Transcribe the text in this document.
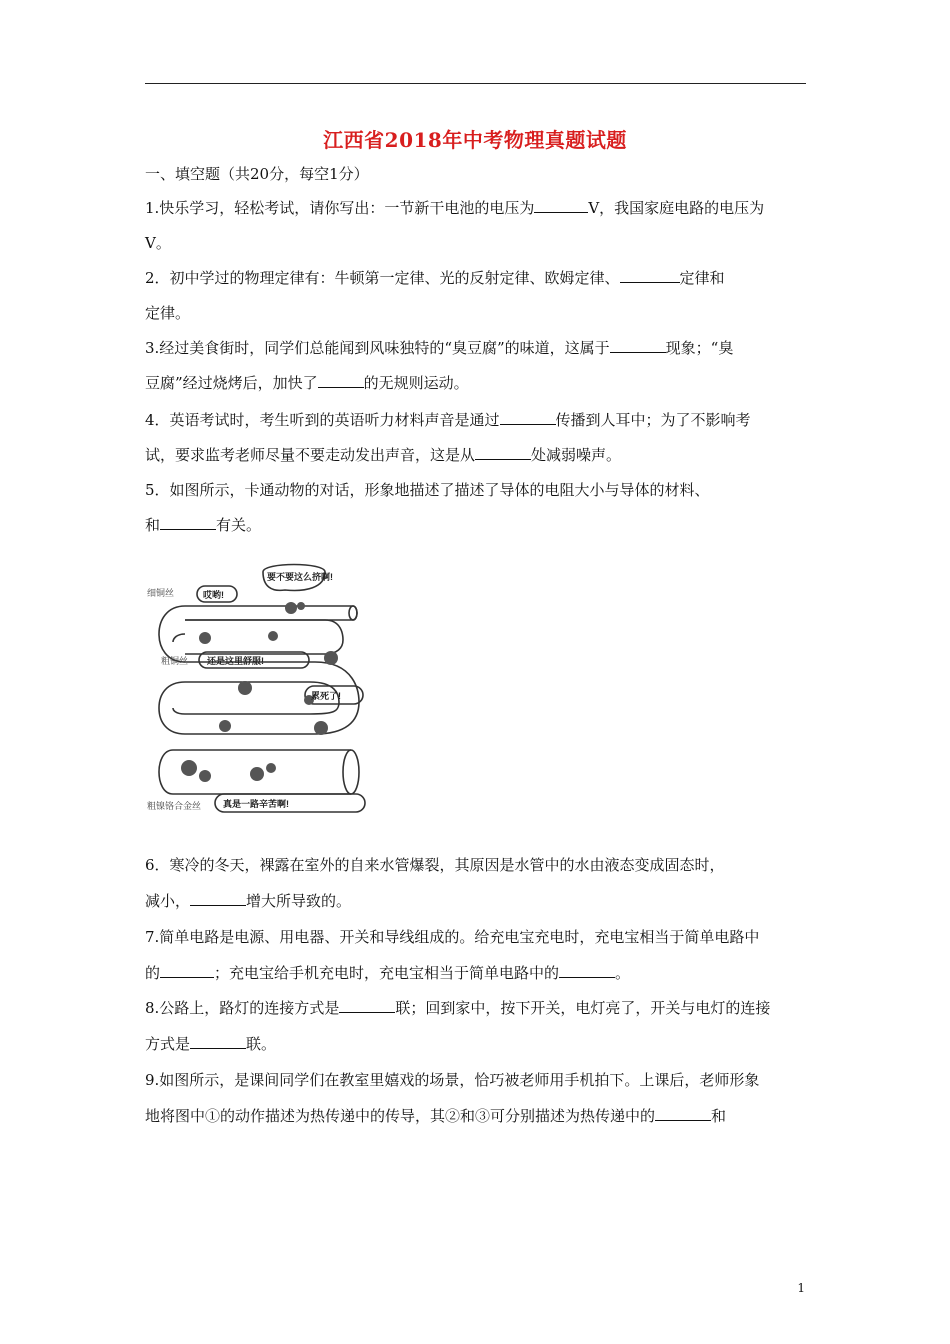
江西省2018年中考物理真题试题
一、填空题（共20分，每空1分）
1.快乐学习，轻松考试，请你写出：一节新干电池的电压为	V，我国家庭电路的电压为
V。
2．初中学过的物理定律有：牛顿第一定律、光的反射定律、欧姆定律、	定律和
定律。
3.经过美食街时，同学们总能闻到风味独特的“臭豆腐”的味道，这属于	现象；“臭
豆腐”经过烧烤后，加快了	的无规则运动。
4．英语考试时，考生听到的英语听力材料声音是通过	传播到人耳中；为了不影响考
试，要求监考老师尽量不要走动发出声音，这是从	处减弱噪声。
5．如图所示，卡通动物的对话，形象地描述了描述了导体的电阻大小与导体的材料、
和	有关。
细铜丝
粗铜丝
粗镍铬合金丝
哎哟!
要不要这么挤啊!
还是这里舒服!
累死了!
真是一路辛苦啊!
6．寒冷的冬天，裸露在室外的自来水管爆裂，其原因是水管中的水由液态变成固态时，
减小，	增大所导致的。
7.简单电路是电源、用电器、开关和导线组成的。给充电宝充电时，充电宝相当于简单电路中
的	；充电宝给手机充电时，充电宝相当于简单电路中的	。
8.公路上，路灯的连接方式是	联；回到家中，按下开关，电灯亮了，开关与电灯的连接
方式是	联。
9.如图所示，是课间同学们在教室里嬉戏的场景，恰巧被老师用手机拍下。上课后，老师形象
地将图中①的动作描述为热传递中的传导，其②和③可分别描述为热传递中的	和
1
